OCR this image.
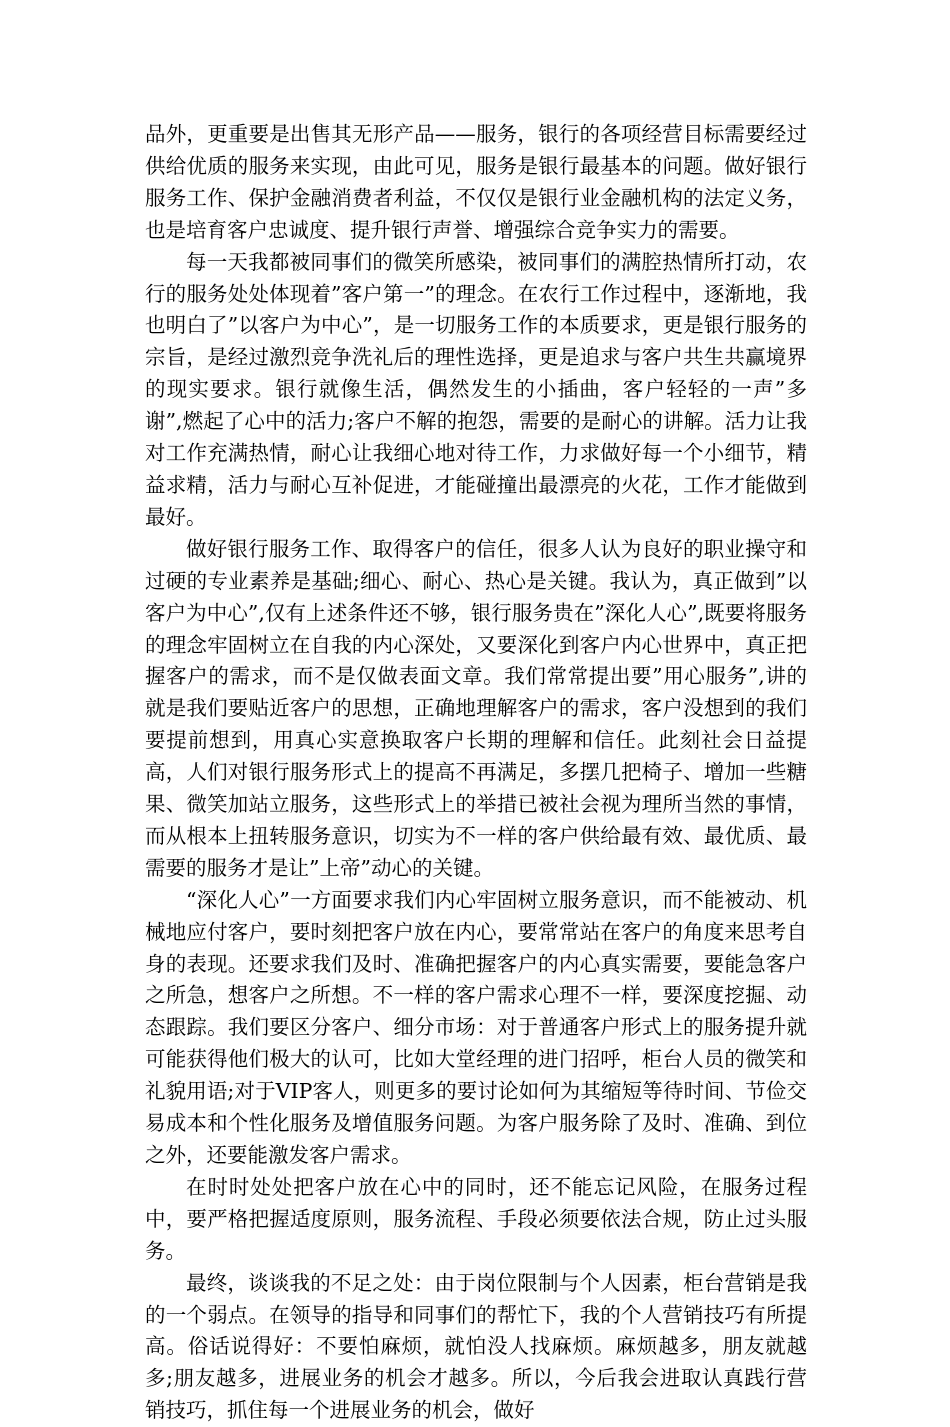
品外，更重要是出售其无形产品——服务，银行的各项经营目标需要经过供给优质的服务来实现，由此可见，服务是银行最基本的问题。做好银行服务工作、保护金融消费者利益，不仅仅是银行业金融机构的法定义务，也是培育客户忠诚度、提升银行声誉、增强综合竞争实力的需要。

每一天我都被同事们的微笑所感染，被同事们的满腔热情所打动，农行的服务处处体现着”客户第一”的理念。在农行工作过程中，逐渐地，我也明白了”以客户为中心”，是一切服务工作的本质要求，更是银行服务的宗旨，是经过激烈竞争洗礼后的理性选择，更是追求与客户共生共赢境界的现实要求。银行就像生活，偶然发生的小插曲，客户轻轻的一声”多谢”,燃起了心中的活力;客户不解的抱怨，需要的是耐心的讲解。活力让我对工作充满热情，耐心让我细心地对待工作，力求做好每一个小细节，精益求精，活力与耐心互补促进，才能碰撞出最漂亮的火花，工作才能做到最好。

做好银行服务工作、取得客户的信任，很多人认为良好的职业操守和过硬的专业素养是基础;细心、耐心、热心是关键。我认为，真正做到”以客户为中心”,仅有上述条件还不够，银行服务贵在”深化人心”,既要将服务的理念牢固树立在自我的内心深处，又要深化到客户内心世界中，真正把握客户的需求，而不是仅做表面文章。我们常常提出要”用心服务”,讲的就是我们要贴近客户的思想，正确地理解客户的需求，客户没想到的我们要提前想到，用真心实意换取客户长期的理解和信任。此刻社会日益提高，人们对银行服务形式上的提高不再满足，多摆几把椅子、增加一些糖果、微笑加站立服务，这些形式上的举措已被社会视为理所当然的事情，而从根本上扭转服务意识，切实为不一样的客户供给最有效、最优质、最需要的服务才是让”上帝”动心的关键。

“深化人心”一方面要求我们内心牢固树立服务意识，而不能被动、机械地应付客户，要时刻把客户放在内心，要常常站在客户的角度来思考自身的表现。还要求我们及时、准确把握客户的内心真实需要，要能急客户之所急，想客户之所想。不一样的客户需求心理不一样，要深度挖掘、动态跟踪。我们要区分客户、细分市场：对于普通客户形式上的服务提升就可能获得他们极大的认可，比如大堂经理的进门招呼，柜台人员的微笑和礼貌用语;对于VIP客人，则更多的要讨论如何为其缩短等待时间、节俭交易成本和个性化服务及增值服务问题。为客户服务除了及时、准确、到位之外，还要能激发客户需求。

在时时处处把客户放在心中的同时，还不能忘记风险，在服务过程中，要严格把握适度原则，服务流程、手段必须要依法合规，防止过头服务。

最终，谈谈我的不足之处：由于岗位限制与个人因素，柜台营销是我的一个弱点。在领导的指导和同事们的帮忙下，我的个人营销技巧有所提高。俗话说得好：不要怕麻烦，就怕没人找麻烦。麻烦越多，朋友就越多;朋友越多，进展业务的机会才越多。所以，今后我会进取认真践行营销技巧，抓住每一个进展业务的机会，做好
